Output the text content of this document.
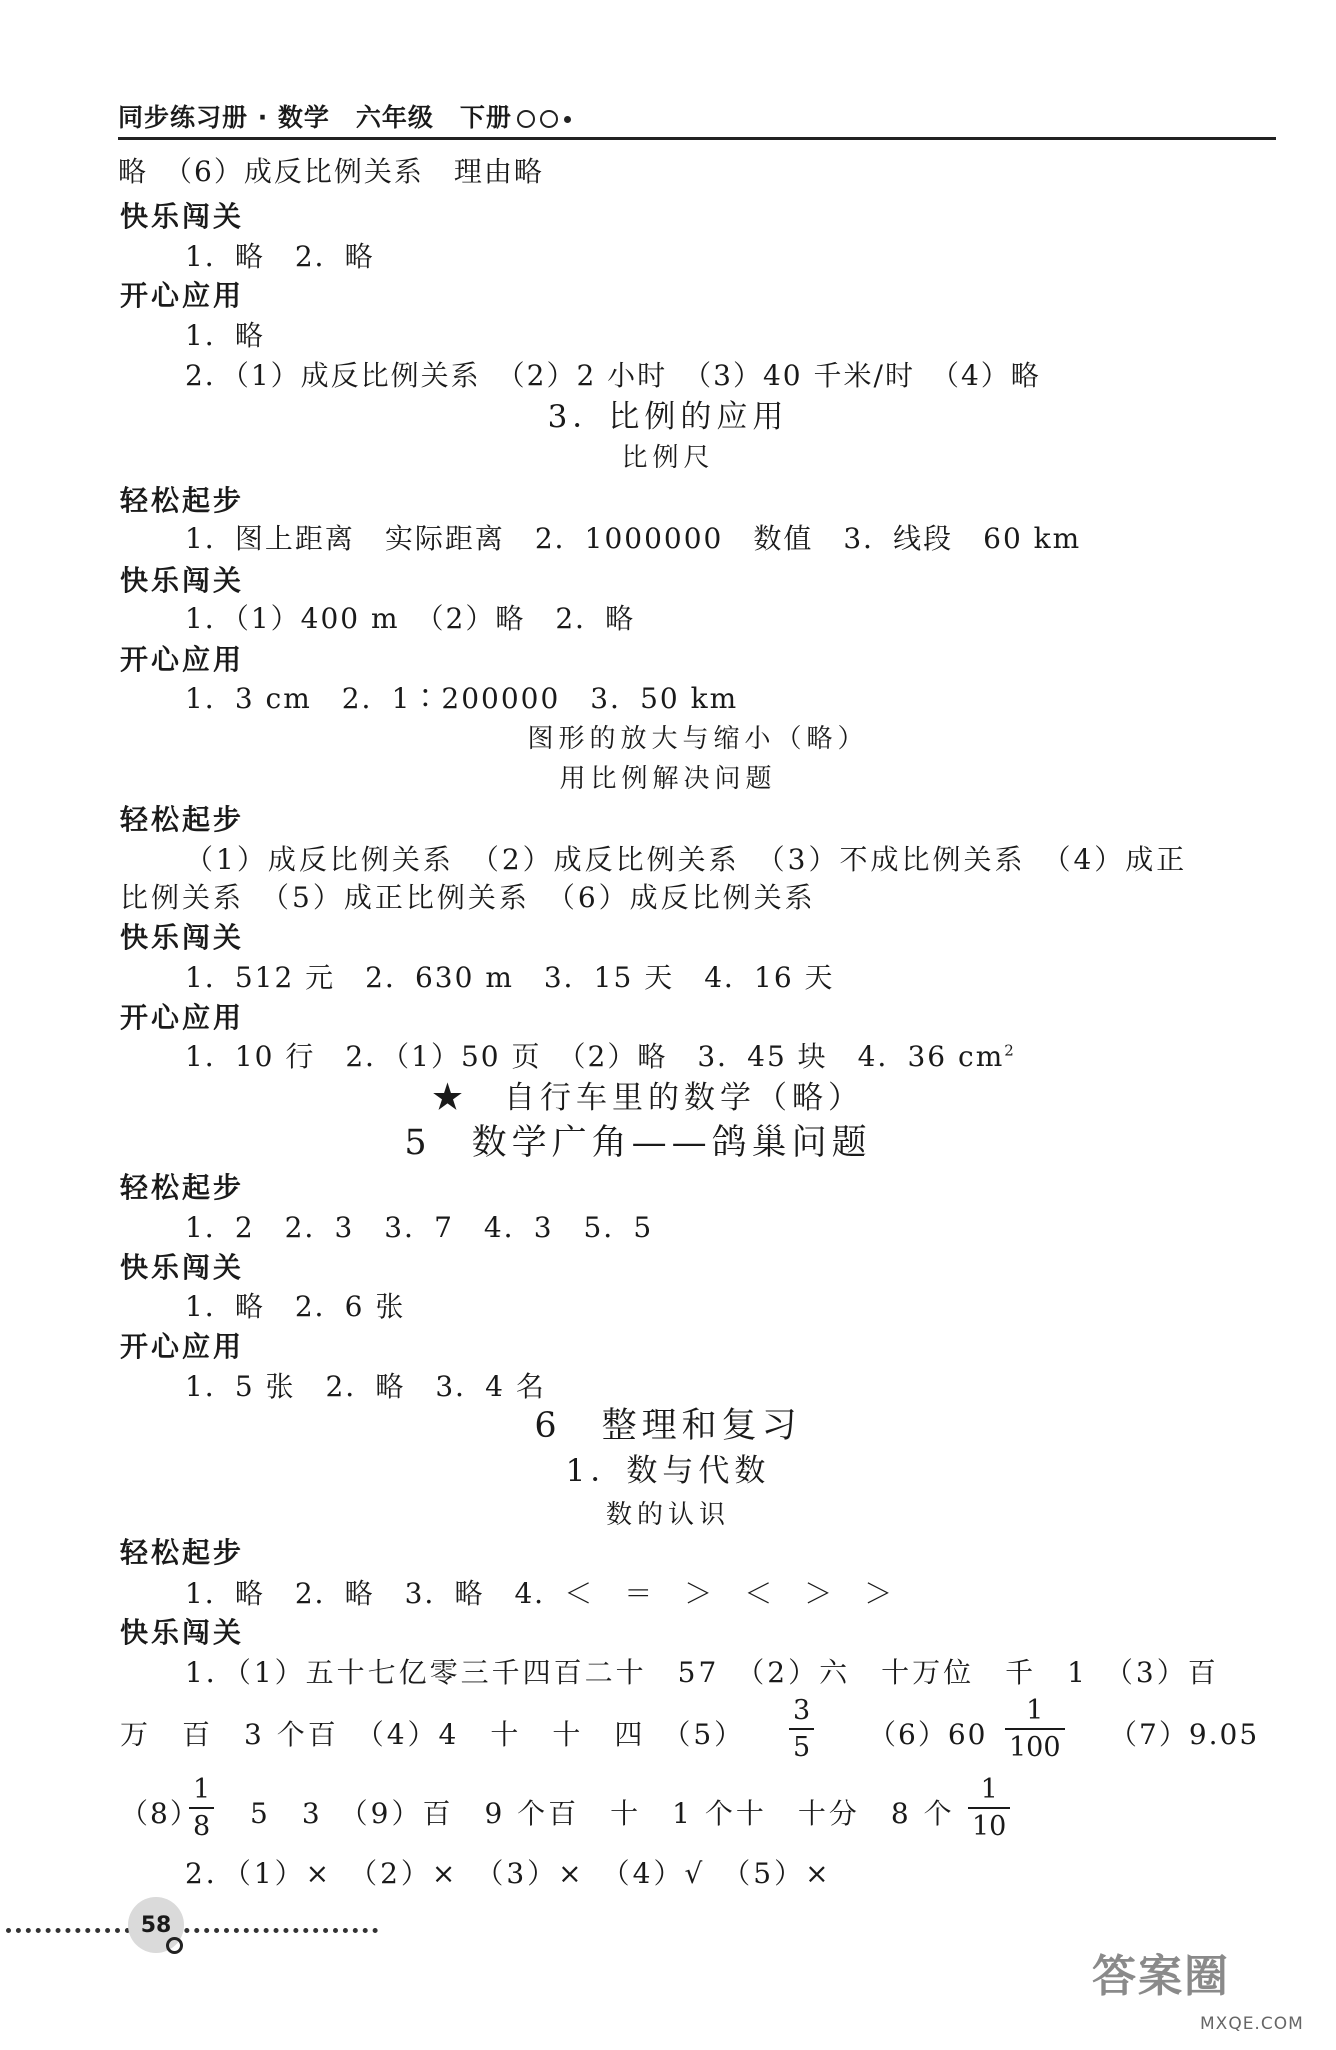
同步练习册 · 数学　六年级　下册
略　（6）成反比例关系　理由略
快乐闯关
1．略　2．略
开心应用
1．略
2．（1）成反比例关系　（2）2 小时　（3）40 千米/时　（4）略
3．比例的应用
比例尺
轻松起步
1．图上距离　实际距离　2．1000000　数值　3．线段　60 km
快乐闯关
1．（1）400 m　（2）略　2．略
开心应用
1．3 cm　2．1∶200000　3．50 km
图形的放大与缩小（略）
用比例解决问题
轻松起步
（1）成反比例关系　（2）成反比例关系　（3）不成比例关系　（4）成正
比例关系　（5）成正比例关系　（6）成反比例关系
快乐闯关
1．512 元　2．630 m　3．15 天　4．16 天
开心应用
1．10 行　2．（1）50 页　（2）略　3．45 块　4．36 $cm^2$
★　自行车里的数学（略）
5　数学广角——鸽巢问题
轻松起步
1．2　2．3　3．7　4．3　5．5
快乐闯关
1．略　2．6 张
开心应用
1．5 张　2．略　3．4 名
6　整理和复习
1．数与代数
数的认识
轻松起步
1．略　2．略　3．略　4．＜　＝　＞　＜　＞　＞
快乐闯关
1．（1）五十七亿零三千四百二十　57　（2）六　十万位　千　1　（3）百
万　百　3 个百　（4）4　十　十　四　$(5) \frac{3}{5} (6)60 \frac{1}{100} (7)9.05$
（8）
$\frac{1}{8} 5$　3　（9）百　9 个百　十　1 个十　十分　8 个 $\frac{1}{10}$
2．（1）×　（2）×　（3）×　（4）√　（5）×
58
答案圈
MXQE.COM
